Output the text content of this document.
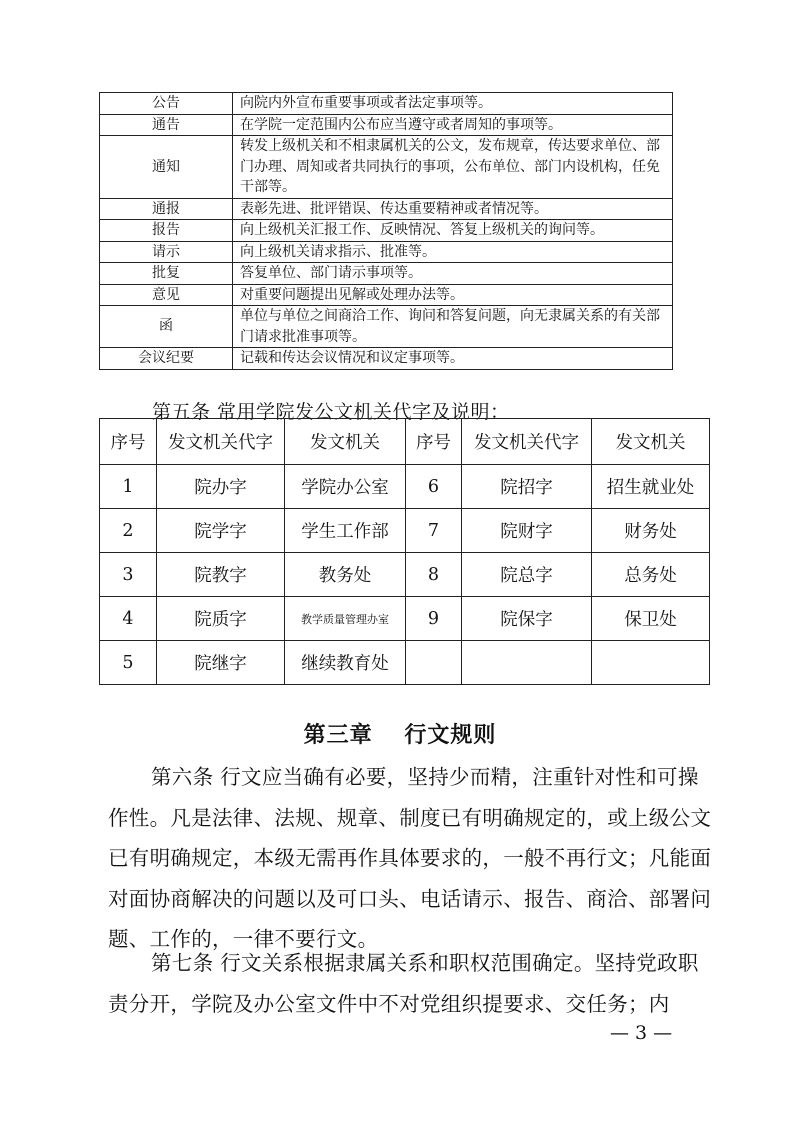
公告	向院内外宣布重要事项或者法定事项等。
通告	在学院一定范围内公布应当遵守或者周知的事项等。
通知	转发上级机关和不相隶属机关的公文，发布规章，传达要求单位、部门办理、周知或者共同执行的事项，公布单位、部门内设机构，任免干部等。
通报	表彰先进、批评错误、传达重要精神或者情况等。
报告	向上级机关汇报工作、反映情况、答复上级机关的询问等。
请示	向上级机关请求指示、批准等。
批复	答复单位、部门请示事项等。
意见	对重要问题提出见解或处理办法等。
函	单位与单位之间商洽工作、询问和答复问题，向无隶属关系的有关部门请求批准事项等。
会议纪要	记载和传达会议情况和议定事项等。
第五条 常用学院发公文机关代字及说明：
序号	发文机关代字	发文机关	序号	发文机关代字	发文机关
1	院办字	学院办公室	6	院招字	招生就业处
2	院学字	学生工作部	7	院财字	财务处
3	院教字	教务处	8	院总字	总务处
4	院质字	教学质量管理办室	9	院保字	保卫处
5	院继字	继续教育处			
第三章　 行文规则
第六条 行文应当确有必要，坚持少而精，注重针对性和可操作性。凡是法律、法规、规章、制度已有明确规定的，或上级公文已有明确规定，本级无需再作具体要求的，一般不再行文；凡能面对面协商解决的问题以及可口头、电话请示、报告、商洽、部署问题、工作的，一律不要行文。
第七条 行文关系根据隶属关系和职权范围确定。坚持党政职责分开，学院及办公室文件中不对党组织提要求、交任务；内
— 3 —
